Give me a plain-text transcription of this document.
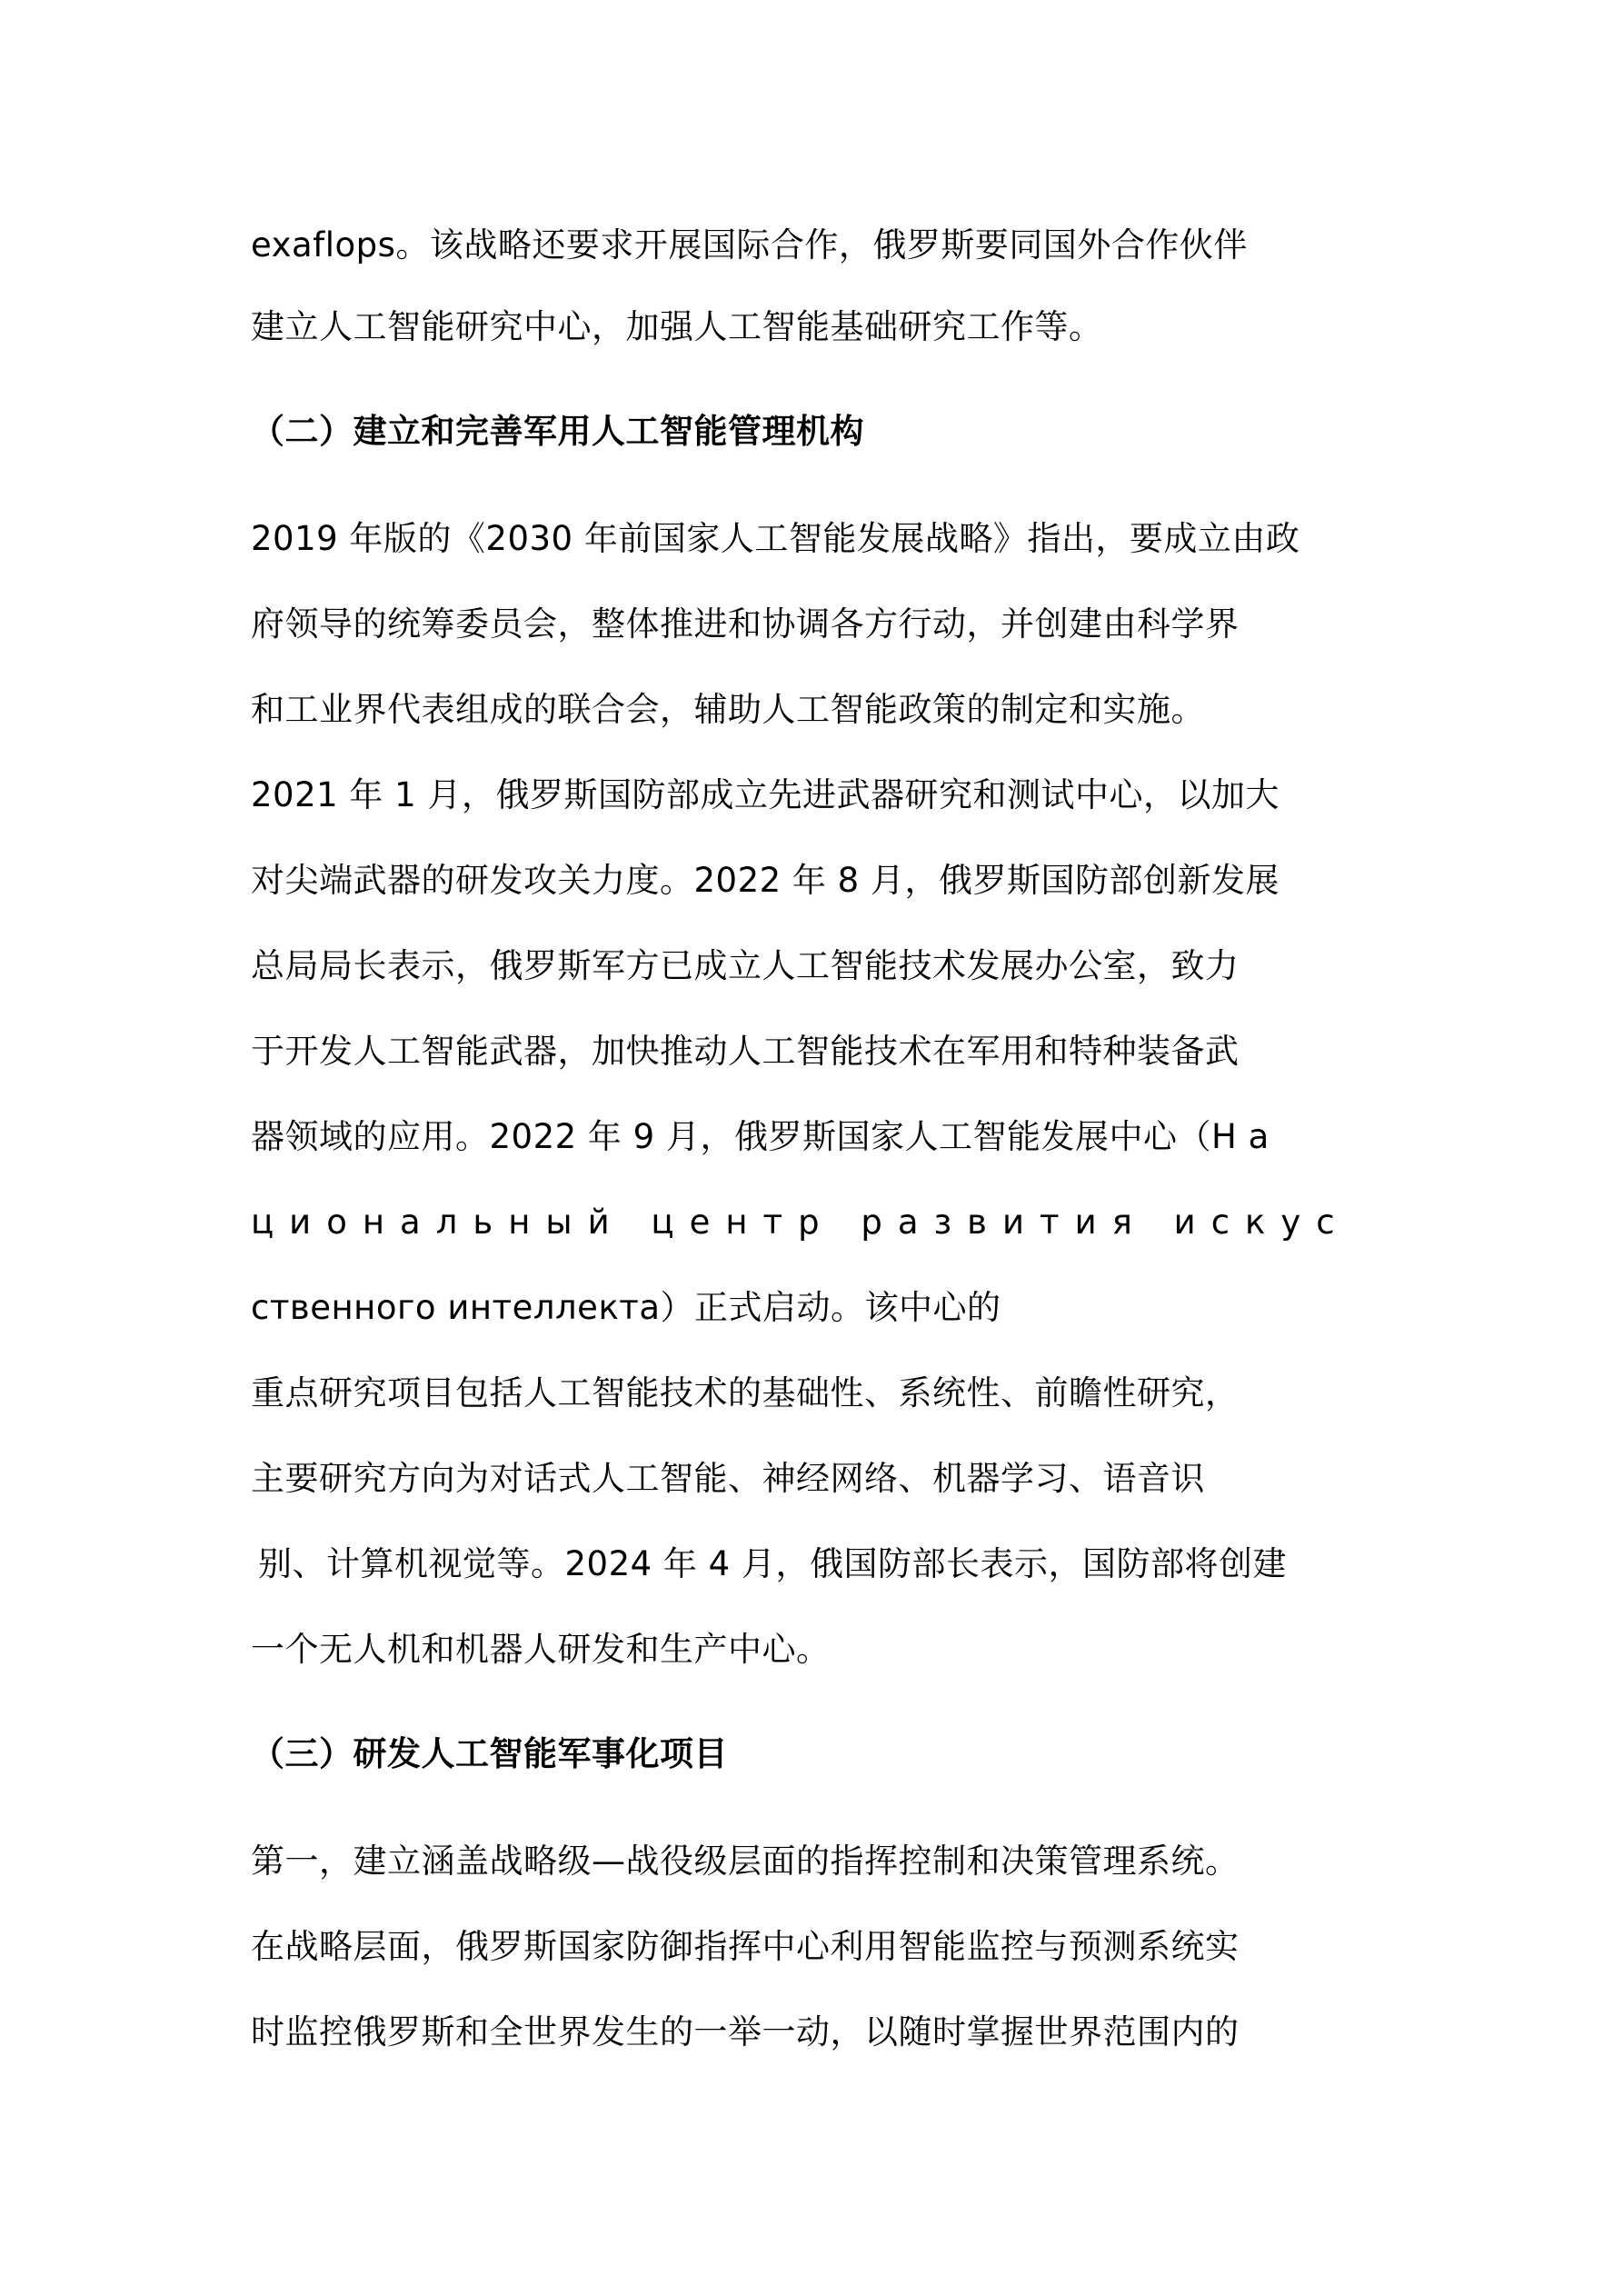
exaflops。该战略还要求开展国际合作，俄罗斯要同国外合作伙伴
建立人工智能研究中心，加强人工智能基础研究工作等。
（二）建立和完善军用人工智能管理机构
2019 年版的《2030 年前国家人工智能发展战略》指出，要成立由政
府领导的统筹委员会，整体推进和协调各方行动，并创建由科学界
和工业界代表组成的联合会，辅助人工智能政策的制定和实施。
2021 年 1 月，俄罗斯国防部成立先进武器研究和测试中心，以加大
对尖端武器的研发攻关力度。2022 年 8 月，俄罗斯国防部创新发展
总局局长表示，俄罗斯军方已成立人工智能技术发展办公室，致力
于开发人工智能武器，加快推动人工智能技术在军用和特种装备武
器领域的应用。2022 年 9 月，俄罗斯国家人工智能发展中心（Н а
циональный центр развития искус
ственного интеллекта）正式启动。该中心的
重点研究项目包括人工智能技术的基础性、系统性、前瞻性研究，
主要研究方向为对话式人工智能、神经网络、机器学习、语音识
别、计算机视觉等。2024 年 4 月，俄国防部长表示，国防部将创建
一个无人机和机器人研发和生产中心。
（三）研发人工智能军事化项目
第一，建立涵盖战略级—战役级层面的指挥控制和决策管理系统。
在战略层面，俄罗斯国家防御指挥中心利用智能监控与预测系统实
时监控俄罗斯和全世界发生的一举一动，以随时掌握世界范围内的
